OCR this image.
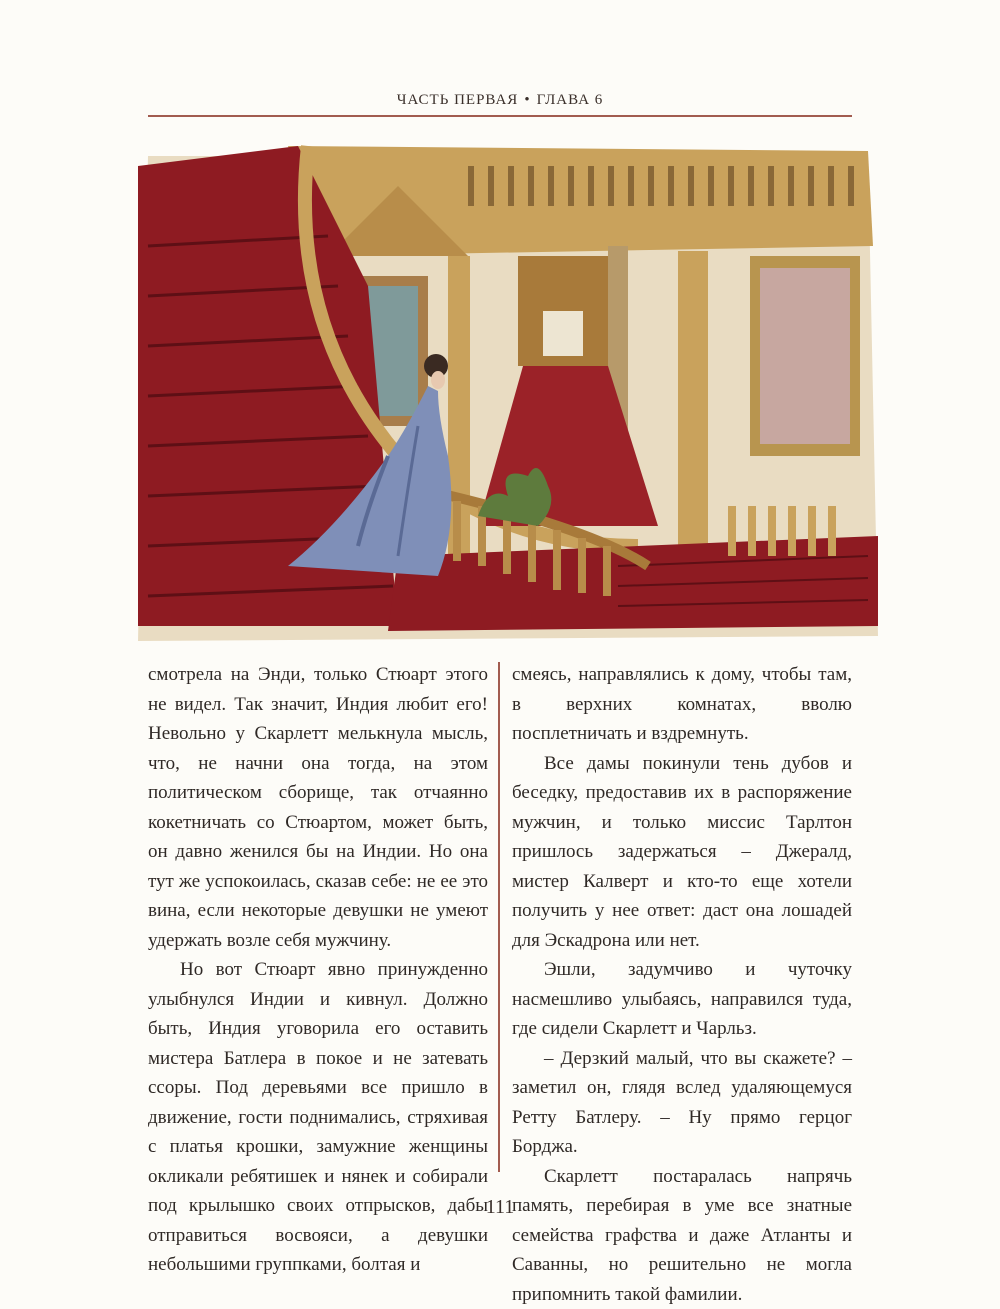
ЧАСТЬ ПЕРВАЯ • ГЛАВА 6

смотрела на Энди, только Стюарт этого не видел. Так значит, Индия любит его! Невольно у Скарлетт мелькнула мысль, что, не начни она тогда, на этом политическом сборище, так отчаянно кокетничать со Стюартом, может быть, он давно женился бы на Индии. Но она тут же успокоилась, сказав себе: не ее это вина, если некоторые девушки не умеют удержать возле себя мужчину.

Но вот Стюарт явно принужденно улыбнулся Индии и кивнул. Должно быть, Индия уговорила его оставить мистера Батлера в покое и не затевать ссоры. Под деревьями все пришло в движение, гости поднимались, стряхивая с платья крошки, замужние женщины окликали ребятишек и нянек и собирали под крылышко своих отпрысков, дабы отправиться восвояси, а девушки небольшими группками, болтая и

смеясь, направлялись к дому, чтобы там, в верхних комнатах, вволю посплетничать и вздремнуть.

Все дамы покинули тень дубов и беседку, предоставив их в распоряжение мужчин, и только миссис Тарлтон пришлось задержаться – Джералд, мистер Калверт и кто-то еще хотели получить у нее ответ: даст она лошадей для Эскадрона или нет.

Эшли, задумчиво и чуточку насмешливо улыбаясь, направился туда, где сидели Скарлетт и Чарльз.

– Дерзкий малый, что вы скажете? – заметил он, глядя вслед удаляющемуся Ретту Батлеру. – Ну прямо герцог Борджа.

Скарлетт постаралась напрячь память, перебирая в уме все знатные семейства графства и даже Атланты и Саванны, но решительно не могла припомнить такой фамилии.

111
